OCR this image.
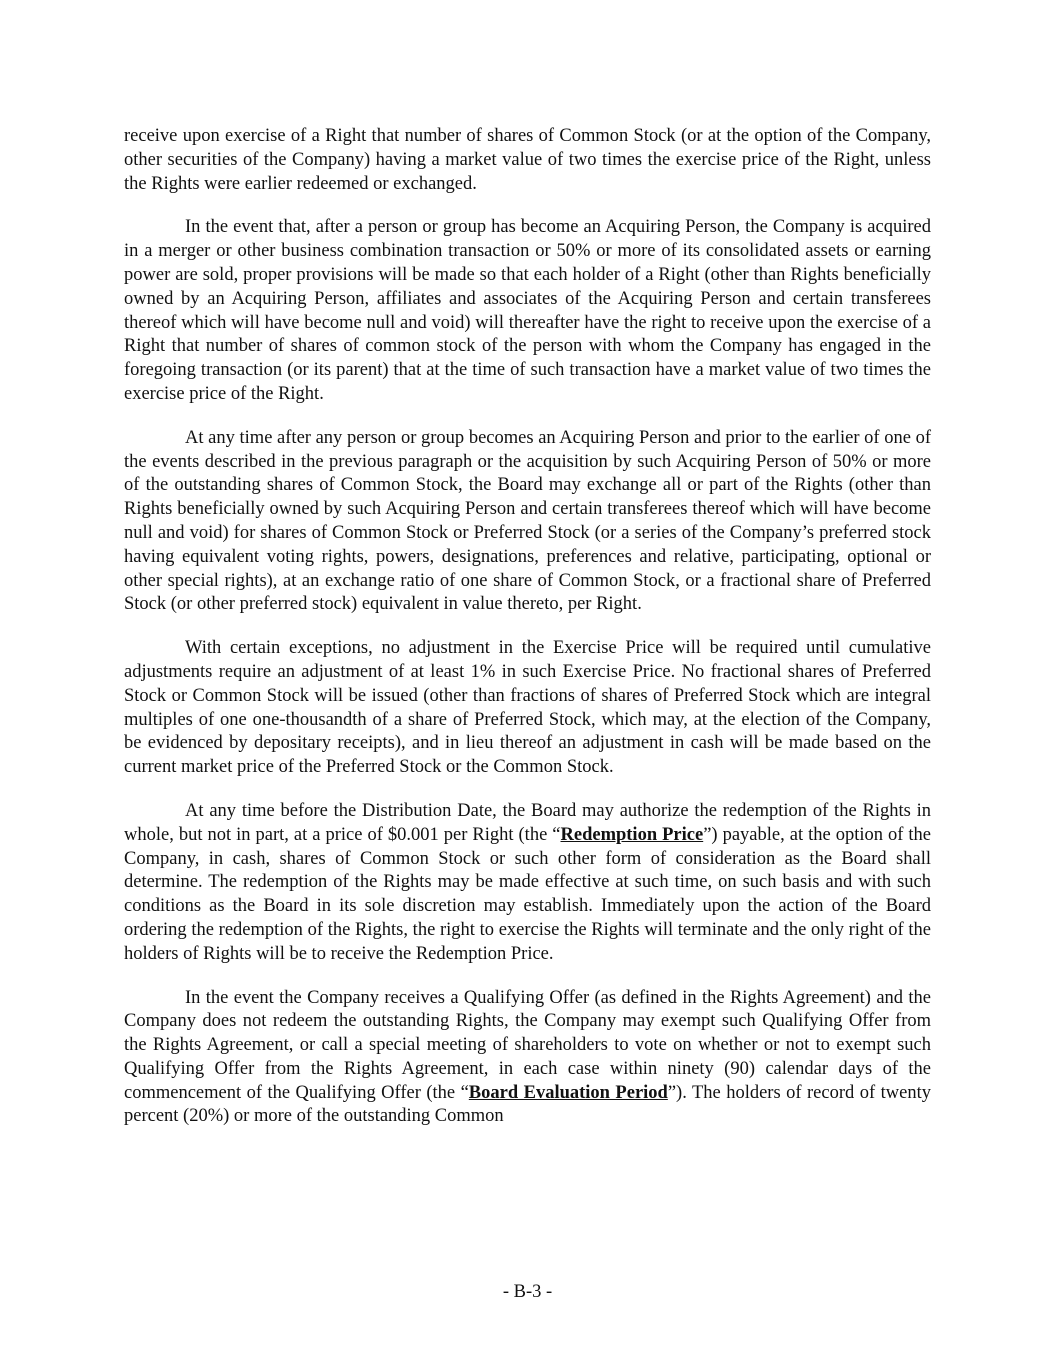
receive upon exercise of a Right that number of shares of Common Stock (or at the option of the Company, other securities of the Company) having a market value of two times the exercise price of the Right, unless the Rights were earlier redeemed or exchanged.

In the event that, after a person or group has become an Acquiring Person, the Company is acquired in a merger or other business combination transaction or 50% or more of its consolidated assets or earning power are sold, proper provisions will be made so that each holder of a Right (other than Rights beneficially owned by an Acquiring Person, affiliates and associates of the Acquiring Person and certain transferees thereof which will have become null and void) will thereafter have the right to receive upon the exercise of a Right that number of shares of common stock of the person with whom the Company has engaged in the foregoing transaction (or its parent) that at the time of such transaction have a market value of two times the exercise price of the Right.

At any time after any person or group becomes an Acquiring Person and prior to the earlier of one of the events described in the previous paragraph or the acquisition by such Acquiring Person of 50% or more of the outstanding shares of Common Stock, the Board may exchange all or part of the Rights (other than Rights beneficially owned by such Acquiring Person and certain transferees thereof which will have become null and void) for shares of Common Stock or Preferred Stock (or a series of the Company’s preferred stock having equivalent voting rights, powers, designations, preferences and relative, participating, optional or other special rights), at an exchange ratio of one share of Common Stock, or a fractional share of Preferred Stock (or other preferred stock) equivalent in value thereto, per Right.

With certain exceptions, no adjustment in the Exercise Price will be required until cumulative adjustments require an adjustment of at least 1% in such Exercise Price. No fractional shares of Preferred Stock or Common Stock will be issued (other than fractions of shares of Preferred Stock which are integral multiples of one one-thousandth of a share of Preferred Stock, which may, at the election of the Company, be evidenced by depositary receipts), and in lieu thereof an adjustment in cash will be made based on the current market price of the Preferred Stock or the Common Stock.

At any time before the Distribution Date, the Board may authorize the redemption of the Rights in whole, but not in part, at a price of $0.001 per Right (the “Redemption Price”) payable, at the option of the Company, in cash, shares of Common Stock or such other form of consideration as the Board shall determine. The redemption of the Rights may be made effective at such time, on such basis and with such conditions as the Board in its sole discretion may establish. Immediately upon the action of the Board ordering the redemption of the Rights, the right to exercise the Rights will terminate and the only right of the holders of Rights will be to receive the Redemption Price.

In the event the Company receives a Qualifying Offer (as defined in the Rights Agreement) and the Company does not redeem the outstanding Rights, the Company may exempt such Qualifying Offer from the Rights Agreement, or call a special meeting of shareholders to vote on whether or not to exempt such Qualifying Offer from the Rights Agreement, in each case within ninety (90) calendar days of the commencement of the Qualifying Offer (the “Board Evaluation Period”). The holders of record of twenty percent (20%) or more of the outstanding Common

- B-3 -
